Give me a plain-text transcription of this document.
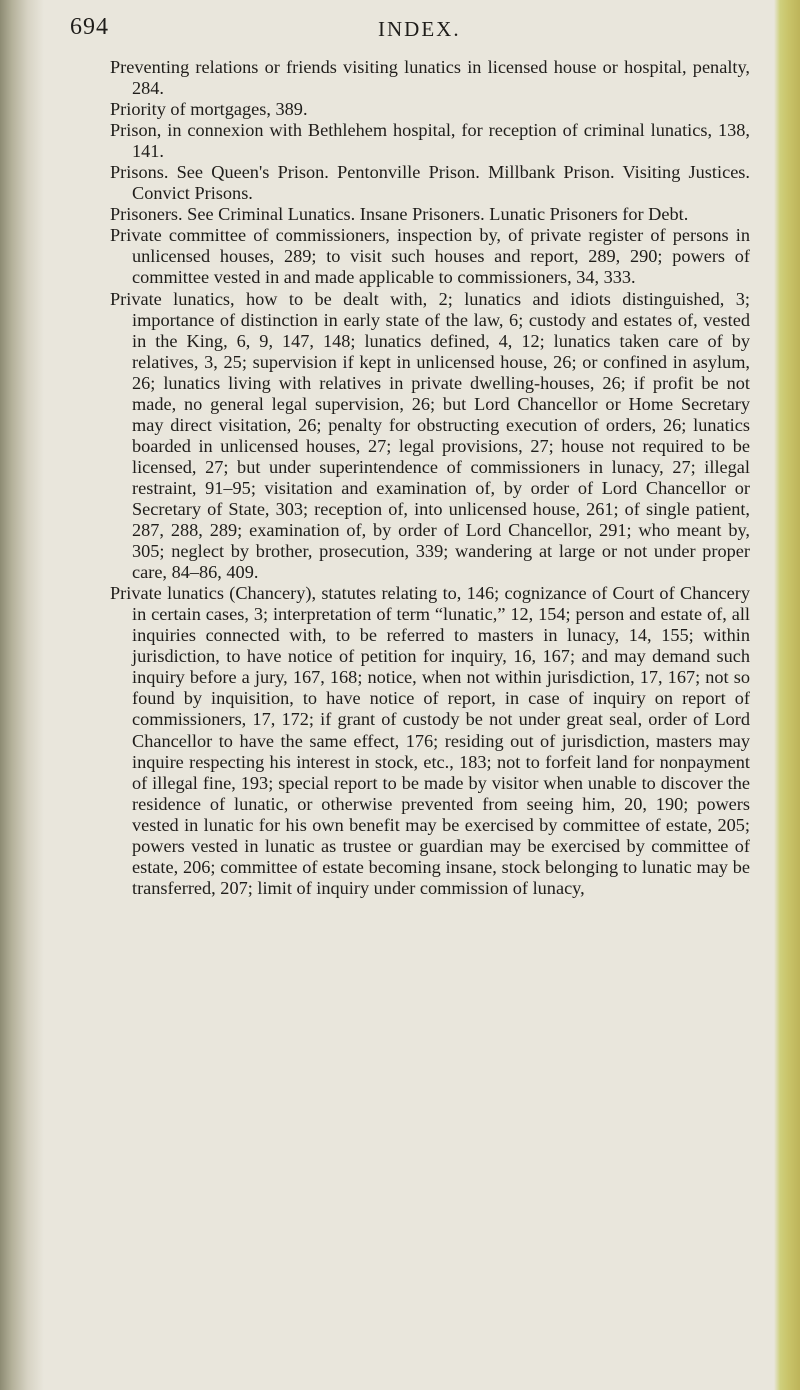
694	INDEX.

Preventing relations or friends visiting lunatics in licensed house or hospital, penalty, 284.

Priority of mortgages, 389.

Prison, in connexion with Bethlehem hospital, for reception of criminal lunatics, 138, 141.

Prisons. See Queen's Prison. Pentonville Prison. Millbank Prison. Visiting Justices. Convict Prisons.

Prisoners. See Criminal Lunatics. Insane Prisoners. Lunatic Prisoners for Debt.

Private committee of commissioners, inspection by, of private register of persons in unlicensed houses, 289; to visit such houses and report, 289, 290; powers of committee vested in and made applicable to commissioners, 34, 333.

Private lunatics, how to be dealt with, 2; lunatics and idiots distinguished, 3; importance of distinction in early state of the law, 6; custody and estates of, vested in the King, 6, 9, 147, 148; lunatics defined, 4, 12; lunatics taken care of by relatives, 3, 25; supervision if kept in unlicensed house, 26; or confined in asylum, 26; lunatics living with relatives in private dwelling-houses, 26; if profit be not made, no general legal supervision, 26; but Lord Chancellor or Home Secretary may direct visitation, 26; penalty for obstructing execution of orders, 26; lunatics boarded in unlicensed houses, 27; legal provisions, 27; house not required to be licensed, 27; but under superintendence of commissioners in lunacy, 27; illegal restraint, 91–95; visitation and examination of, by order of Lord Chancellor or Secretary of State, 303; reception of, into unlicensed house, 261; of single patient, 287, 288, 289; examination of, by order of Lord Chancellor, 291; who meant by, 305; neglect by brother, prosecution, 339; wandering at large or not under proper care, 84–86, 409.

Private lunatics (Chancery), statutes relating to, 146; cognizance of Court of Chancery in certain cases, 3; interpretation of term “lunatic,” 12, 154; person and estate of, all inquiries connected with, to be referred to masters in lunacy, 14, 155; within jurisdiction, to have notice of petition for inquiry, 16, 167; and may demand such inquiry before a jury, 167, 168; notice, when not within jurisdiction, 17, 167; not so found by inquisition, to have notice of report, in case of inquiry on report of commissioners, 17, 172; if grant of custody be not under great seal, order of Lord Chancellor to have the same effect, 176; residing out of jurisdiction, masters may inquire respecting his interest in stock, etc., 183; not to forfeit land for nonpayment of illegal fine, 193; special report to be made by visitor when unable to discover the residence of lunatic, or otherwise prevented from seeing him, 20, 190; powers vested in lunatic for his own benefit may be exercised by committee of estate, 205; powers vested in lunatic as trustee or guardian may be exercised by committee of estate, 206; committee of estate becoming insane, stock belonging to lunatic may be transferred, 207; limit of inquiry under commission of lunacy,
